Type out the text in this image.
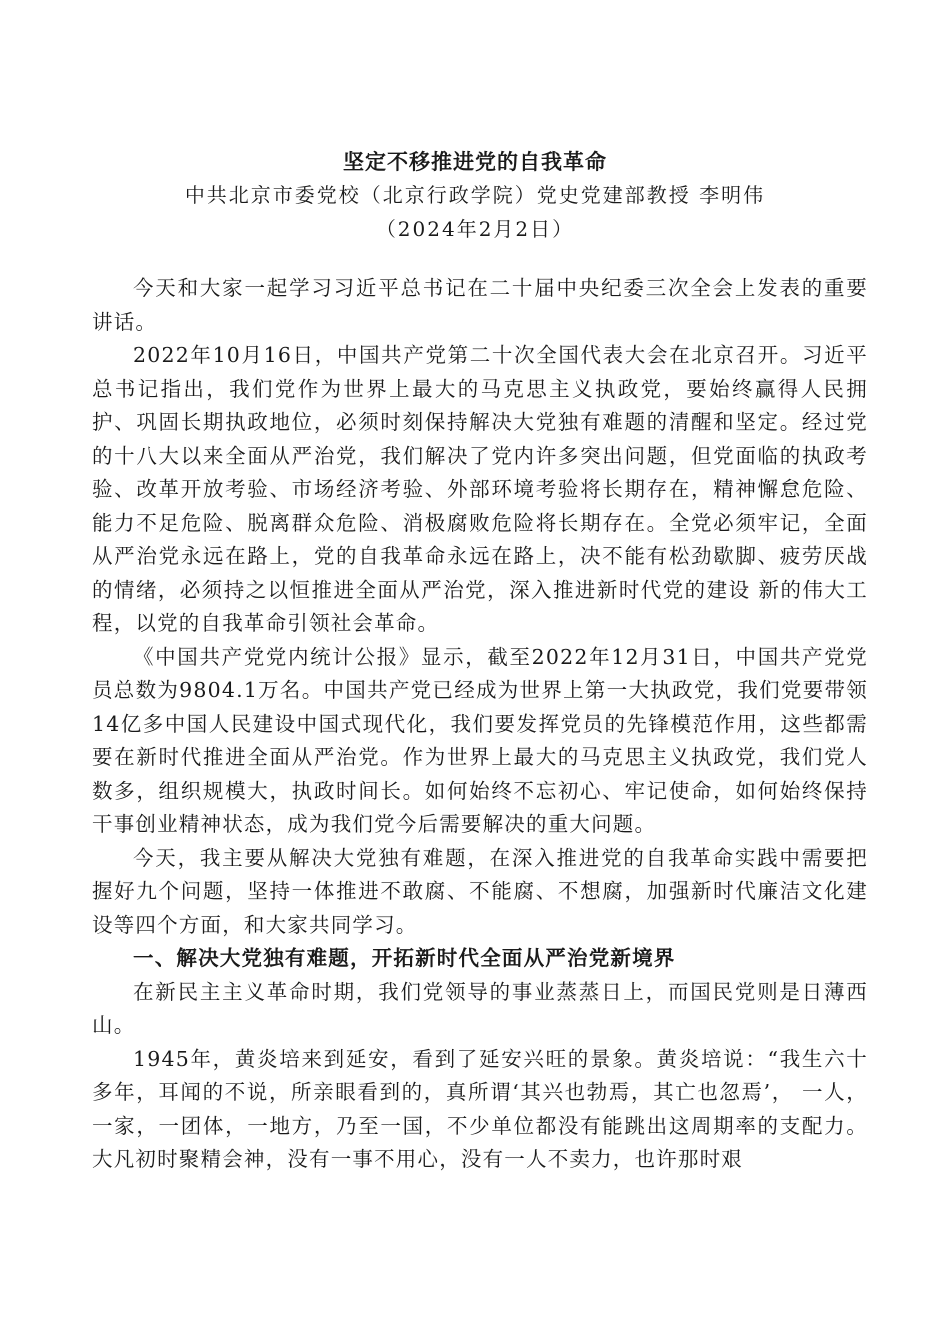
坚定不移推进党的自我革命
中共北京市委党校（北京行政学院）党史党建部教授 李明伟
（2024年2月2日）

今天和大家一起学习习近平总书记在二十届中央纪委三次全会上发表的重要讲话。

2022年10月16日，中国共产党第二十次全国代表大会在北京召开。习近平总书记指出，我们党作为世界上最大的马克思主义执政党，要始终赢得人民拥护、巩固长期执政地位，必须时刻保持解决大党独有难题的清醒和坚定。经过党的十八大以来全面从严治党，我们解决了党内许多突出问题，但党面临的执政考验、改革开放考验、市场经济考验、外部环境考验将长期存在，精神懈怠危险、能力不足危险、脱离群众危险、消极腐败危险将长期存在。全党必须牢记，全面从严治党永远在路上，党的自我革命永远在路上，决不能有松劲歇脚、疲劳厌战的情绪，必须持之以恒推进全面从严治党，深入推进新时代党的建设 新的伟大工程，以党的自我革命引领社会革命。

《中国共产党党内统计公报》显示，截至2022年12月31日，中国共产党党员总数为9804.1万名。中国共产党已经成为世界上第一大执政党，我们党要带领14亿多中国人民建设中国式现代化，我们要发挥党员的先锋模范作用，这些都需要在新时代推进全面从严治党。作为世界上最大的马克思主义执政党，我们党人数多，组织规模大，执政时间长。如何始终不忘初心、牢记使命，如何始终保持干事创业精神状态，成为我们党今后需要解决的重大问题。

今天，我主要从解决大党独有难题，在深入推进党的自我革命实践中需要把握好九个问题，坚持一体推进不敢腐、不能腐、不想腐，加强新时代廉洁文化建设等四个方面，和大家共同学习。

一、解决大党独有难题，开拓新时代全面从严治党新境界

在新民主主义革命时期，我们党领导的事业蒸蒸日上，而国民党则是日薄西山。

1945年，黄炎培来到延安，看到了延安兴旺的景象。黄炎培说：“我生六十多年，耳闻的不说，所亲眼看到的，真所谓‘其兴也勃焉，其亡也忽焉’， 一人，一家，一团体，一地方，乃至一国，不少单位都没有能跳出这周期率的支配力。大凡初时聚精会神，没有一事不用心，没有一人不卖力，也许那时艰
